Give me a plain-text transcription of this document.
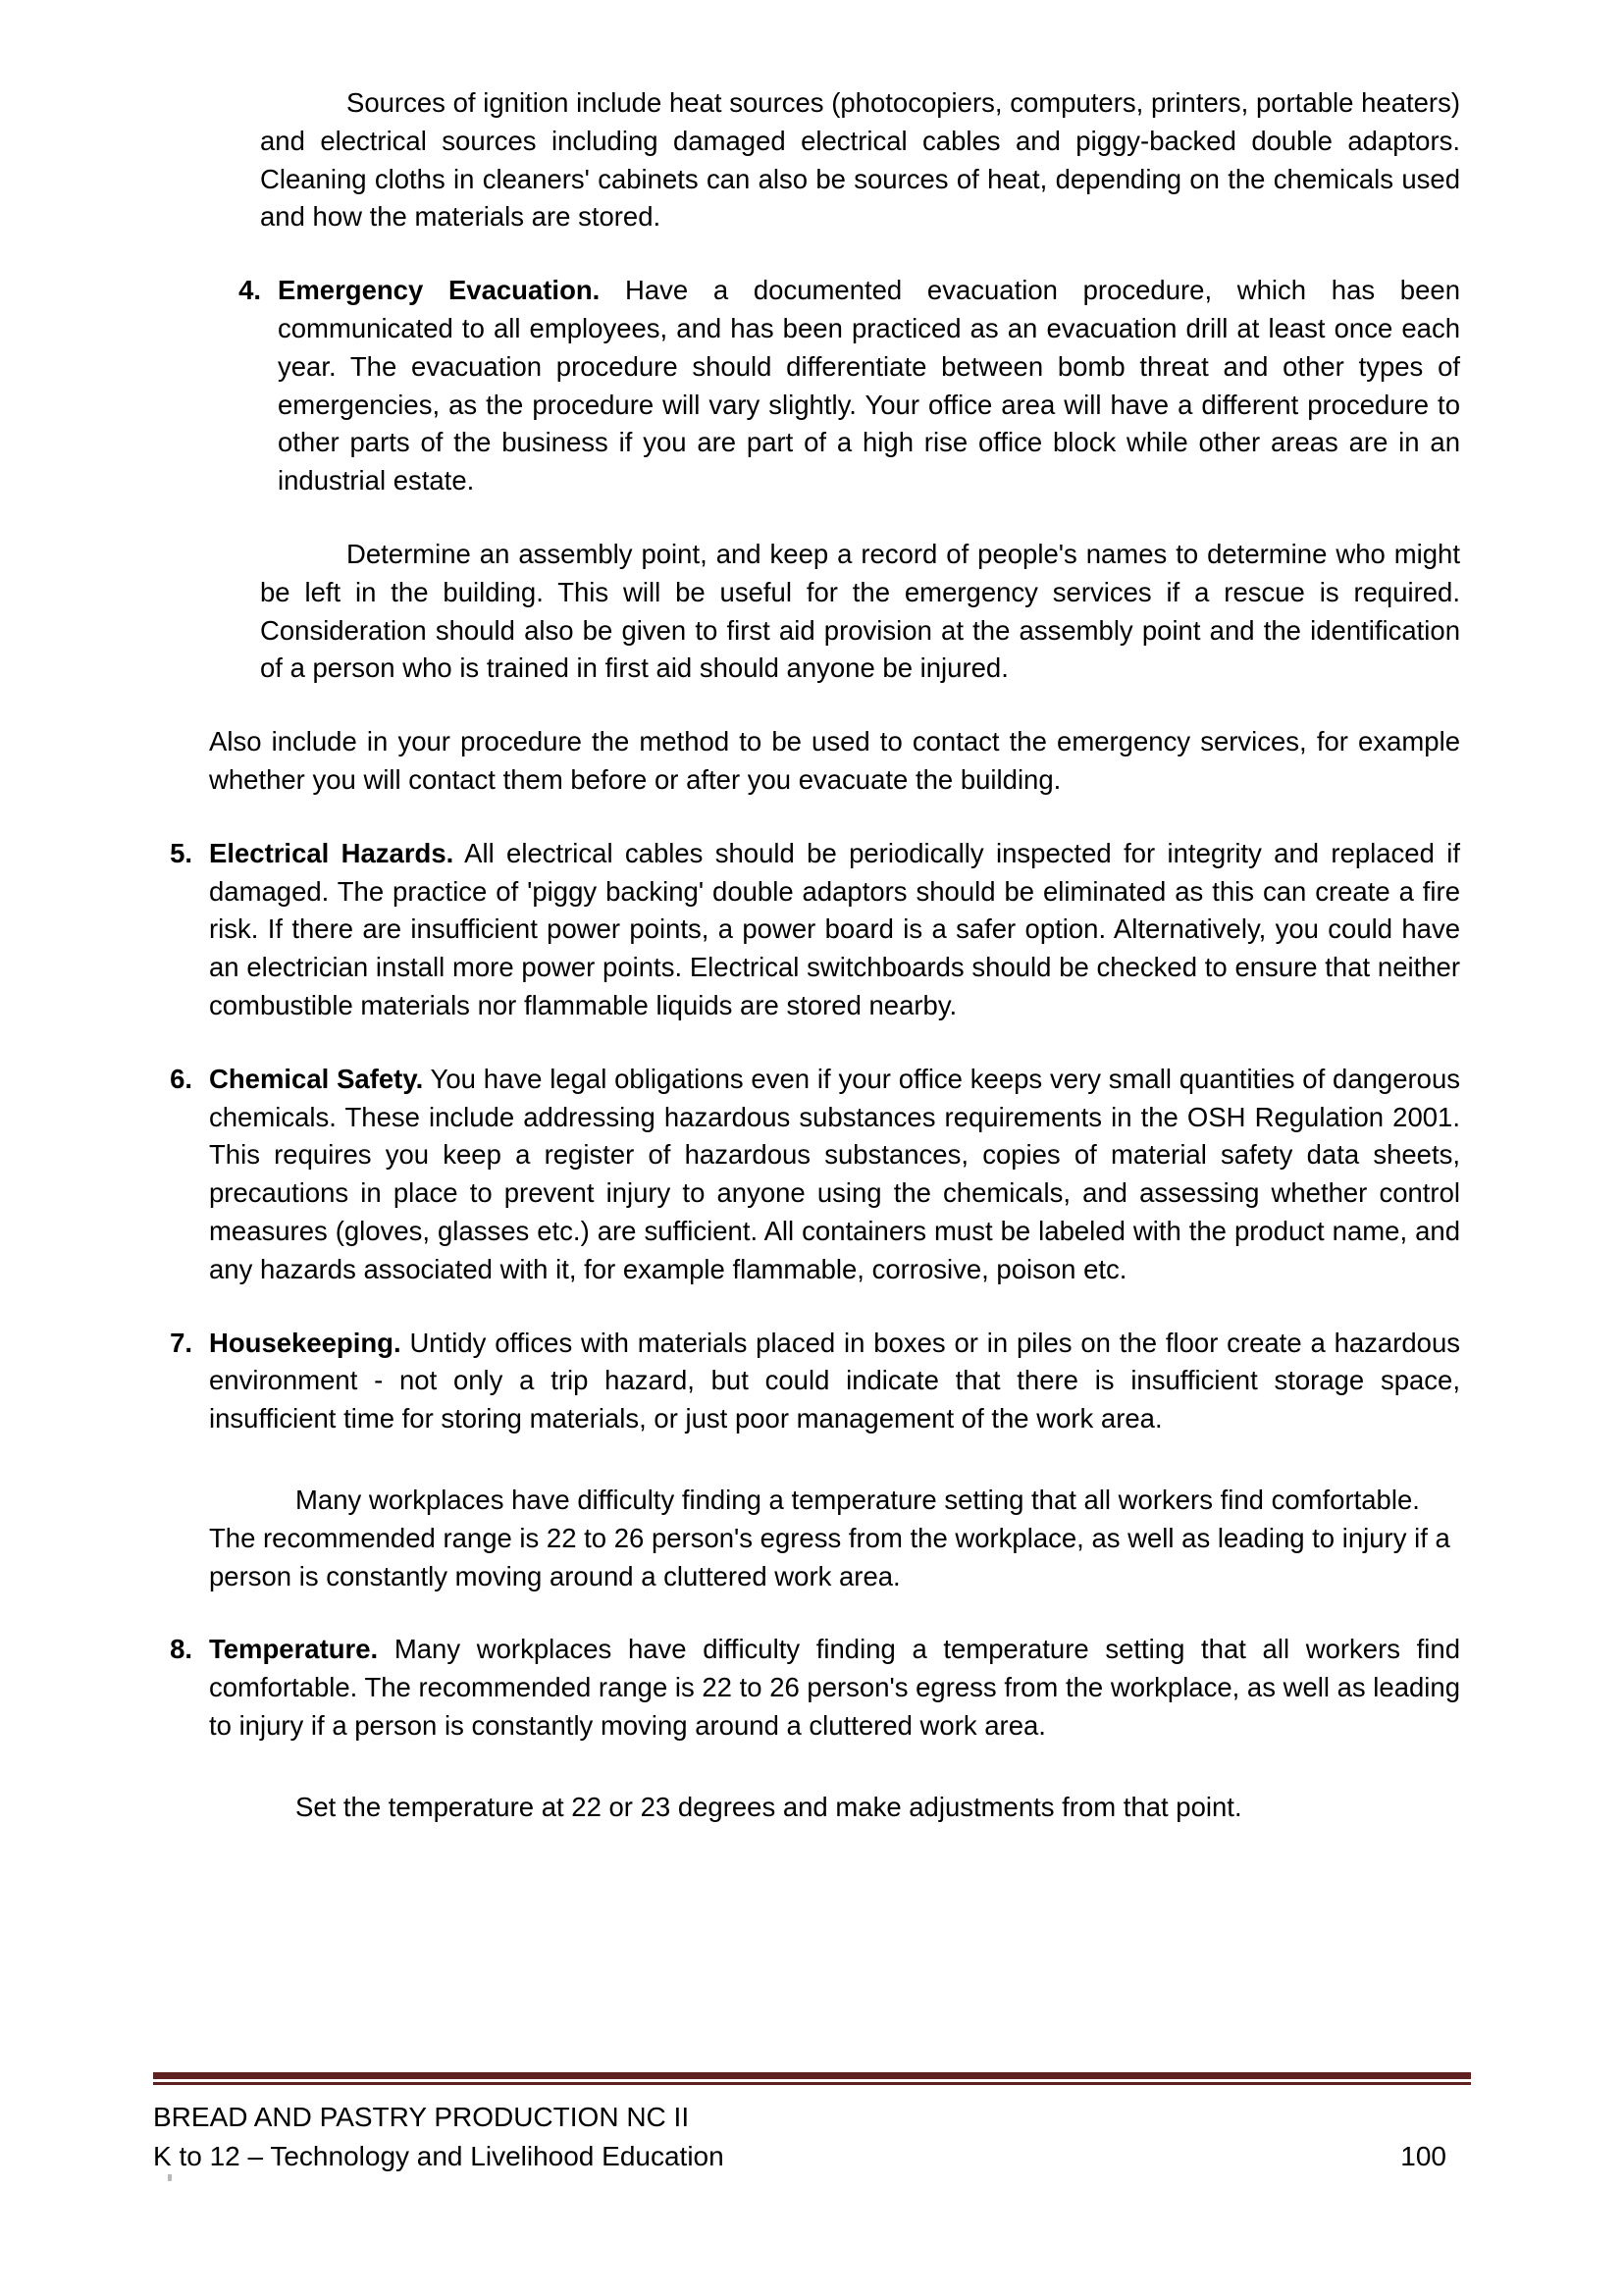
Sources of ignition include heat sources (photocopiers, computers, printers, portable heaters) and electrical sources including damaged electrical cables and piggy-backed double adaptors. Cleaning cloths in cleaners' cabinets can also be sources of heat, depending on the chemicals used and how the materials are stored.

4. Emergency Evacuation. Have a documented evacuation procedure, which has been communicated to all employees, and has been practiced as an evacuation drill at least once each year. The evacuation procedure should differentiate between bomb threat and other types of emergencies, as the procedure will vary slightly. Your office area will have a different procedure to other parts of the business if you are part of a high rise office block while other areas are in an industrial estate.

Determine an assembly point, and keep a record of people's names to determine who might be left in the building. This will be useful for the emergency services if a rescue is required. Consideration should also be given to first aid provision at the assembly point and the identification of a person who is trained in first aid should anyone be injured.

Also include in your procedure the method to be used to contact the emergency services, for example whether you will contact them before or after you evacuate the building.

5. Electrical Hazards. All electrical cables should be periodically inspected for integrity and replaced if damaged. The practice of 'piggy backing' double adaptors should be eliminated as this can create a fire risk. If there are insufficient power points, a power board is a safer option. Alternatively, you could have an electrician install more power points. Electrical switchboards should be checked to ensure that neither combustible materials nor flammable liquids are stored nearby.
6. Chemical Safety. You have legal obligations even if your office keeps very small quantities of dangerous chemicals. These include addressing hazardous substances requirements in the OSH Regulation 2001. This requires you keep a register of hazardous substances, copies of material safety data sheets, precautions in place to prevent injury to anyone using the chemicals, and assessing whether control measures (gloves, glasses etc.) are sufficient. All containers must be labeled with the product name, and any hazards associated with it, for example flammable, corrosive, poison etc.
7. Housekeeping. Untidy offices with materials placed in boxes or in piles on the floor create a hazardous environment - not only a trip hazard, but could indicate that there is insufficient storage space, insufficient time for storing materials, or just poor management of the work area.

Many workplaces have difficulty finding a temperature setting that all workers find comfortable. The recommended range is 22 to 26 person's egress from the workplace, as well as leading to injury if a person is constantly moving around a cluttered work area.

8. Temperature. Many workplaces have difficulty finding a temperature setting that all workers find comfortable. The recommended range is 22 to 26 person's egress from the workplace, as well as leading to injury if a person is constantly moving around a cluttered work area.

Set the temperature at 22 or 23 degrees and make adjustments from that point.

BREAD AND PASTRY PRODUCTION NC II
K to 12 – Technology and Livelihood Education	100
